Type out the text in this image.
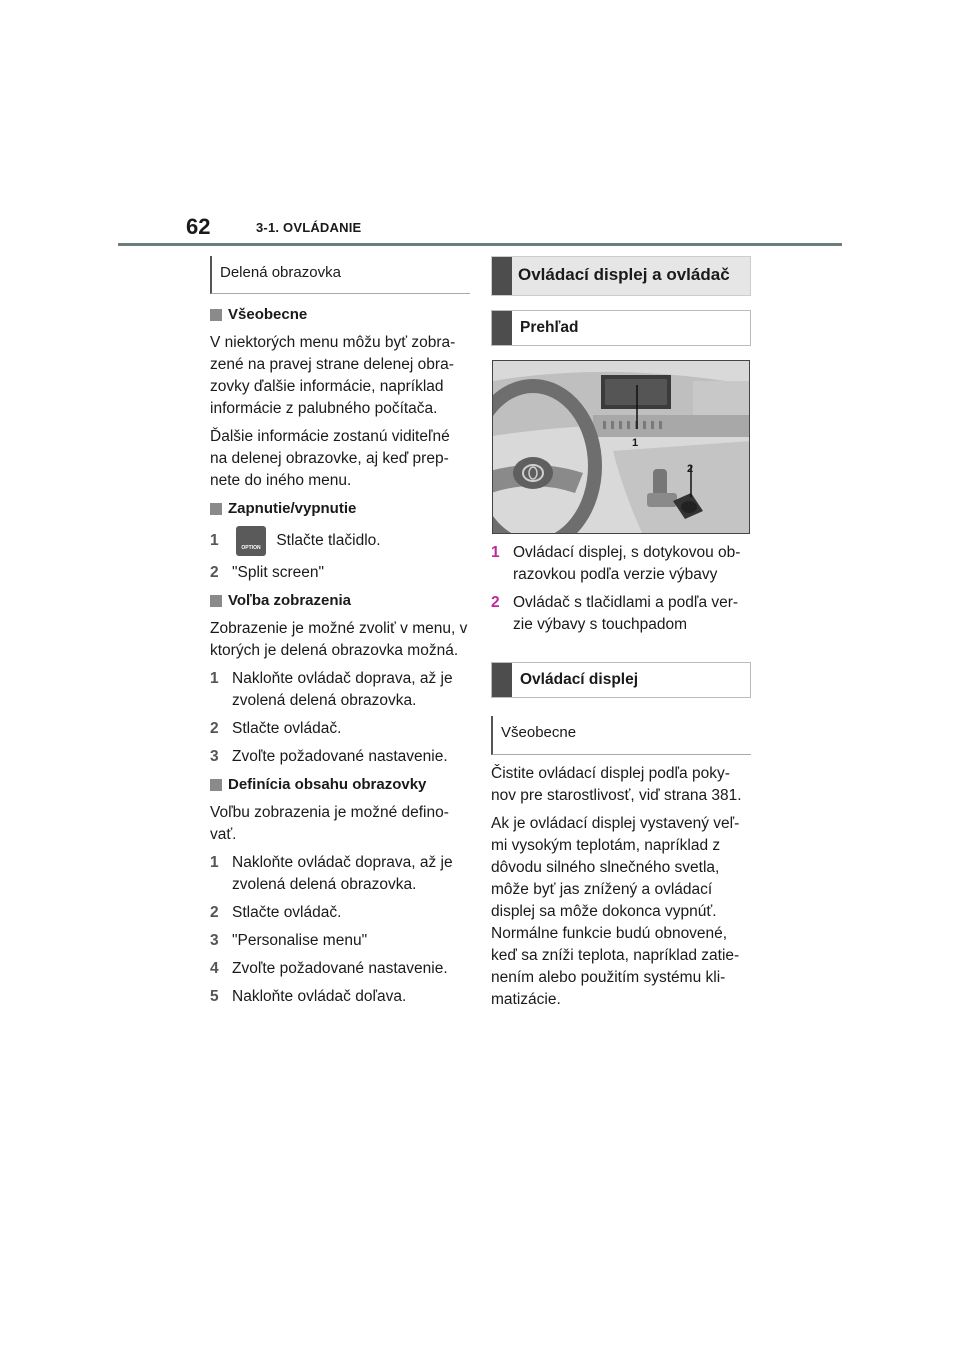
62	3-1. OVLÁDANIE
Delená obrazovka
Všeobecne

V niektorých menu môžu byť zobra-zené na pravej strane delenej obra-zovky ďalšie informácie, napríklad informácie z palubného počítača.

Ďalšie informácie zostanú viditeľné na delenej obrazovke, aj keď prep-nete do iného menu.

Zapnutie/vypnutie
1	OPTION	Stlačte tlačidlo.
2 "Split screen"
Voľba zobrazenia

Zobrazenie je možné zvoliť v menu, v ktorých je delená obrazovka možná.

1 Nakloňte ovládač doprava, až je zvolená delená obrazovka.
2 Stlačte ovládač.
3 Zvoľte požadované nastavenie.
Definícia obsahu obrazovky

Voľbu zobrazenia je možné defino-vať.

1 Nakloňte ovládač doprava, až je zvolená delená obrazovka.
2 Stlačte ovládač.
3 "Personalise menu"
4 Zvoľte požadované nastavenie.
5 Nakloňte ovládač doľava.
Ovládací displej a ovládač
Prehľad
1
2
1 Ovládací displej, s dotykovou ob-razovkou podľa verzie výbavy
2 Ovládač s tlačidlami a podľa ver-zie výbavy s touchpadom
Ovládací displej
Všeobecne

Čistite ovládací displej podľa poky-nov pre starostlivosť, viď strana 381.

Ak je ovládací displej vystavený veľ-mi vysokým teplotám, napríklad z dôvodu silného slnečného svetla, môže byť jas znížený a ovládací displej sa môže dokonca vypnúť. Normálne funkcie budú obnovené, keď sa zníži teplota, napríklad zatie-nením alebo použitím systému kli-matizácie.
